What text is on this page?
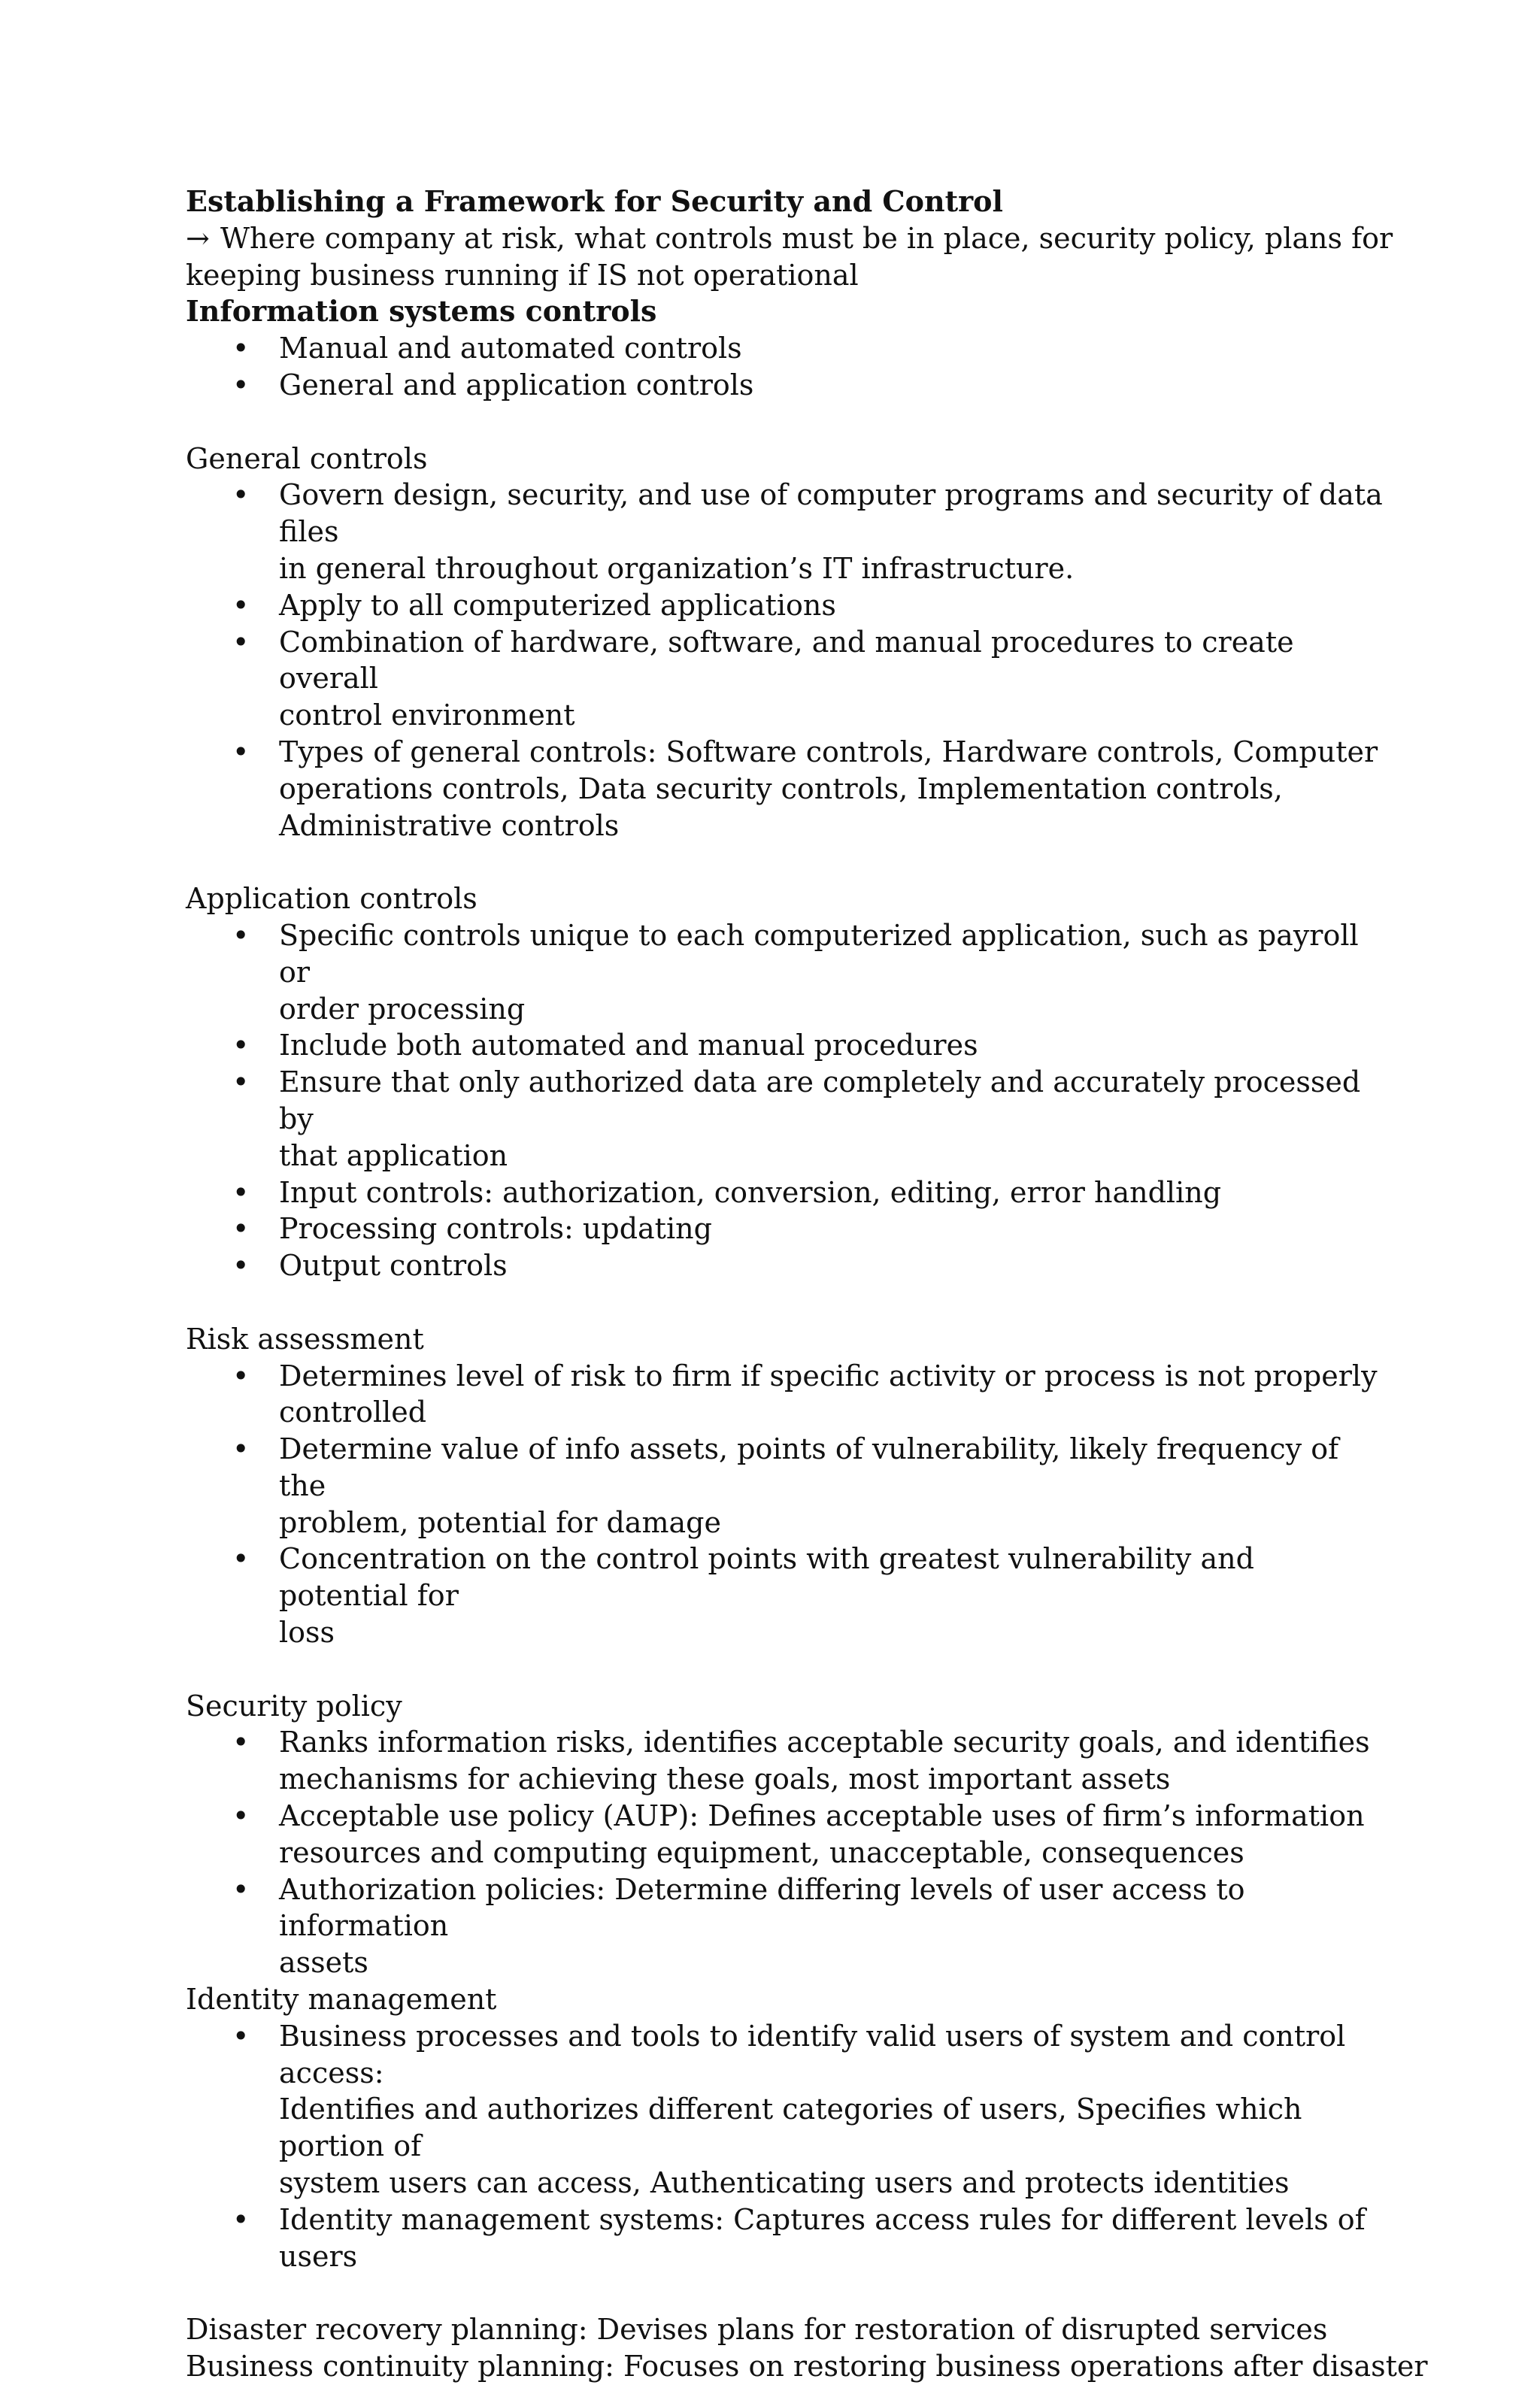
Establishing a Framework for Security and Control

→ Where company at risk, what controls must be in place, security policy, plans for

keeping business running if IS not operational

Information systems controls

• Manual and automated controls
• General and application controls

General controls

• Govern design, security, and use of computer programs and security of data files
in general throughout organization’s IT infrastructure.
• Apply to all computerized applications
• Combination of hardware, software, and manual procedures to create overall
control environment
• Types of general controls: Software controls, Hardware controls, Computer
operations controls, Data security controls, Implementation controls,
Administrative controls

Application controls

• Specific controls unique to each computerized application, such as payroll or
order processing
• Include both automated and manual procedures
• Ensure that only authorized data are completely and accurately processed by
that application
• Input controls: authorization, conversion, editing, error handling
• Processing controls: updating
• Output controls

Risk assessment

• Determines level of risk to firm if specific activity or process is not properly
controlled
• Determine value of info assets, points of vulnerability, likely frequency of the
problem, potential for damage
• Concentration on the control points with greatest vulnerability and potential for
loss

Security policy

• Ranks information risks, identifies acceptable security goals, and identifies
mechanisms for achieving these goals, most important assets
• Acceptable use policy (AUP): Defines acceptable uses of firm’s information
resources and computing equipment, unacceptable, consequences
• Authorization policies: Determine differing levels of user access to information
assets

Identity management

• Business processes and tools to identify valid users of system and control access:
Identifies and authorizes different categories of users, Specifies which portion of
system users can access, Authenticating users and protects identities
• Identity management systems: Captures access rules for different levels of users

Disaster recovery planning: Devises plans for restoration of disrupted services

Business continuity planning: Focuses on restoring business operations after disaster
